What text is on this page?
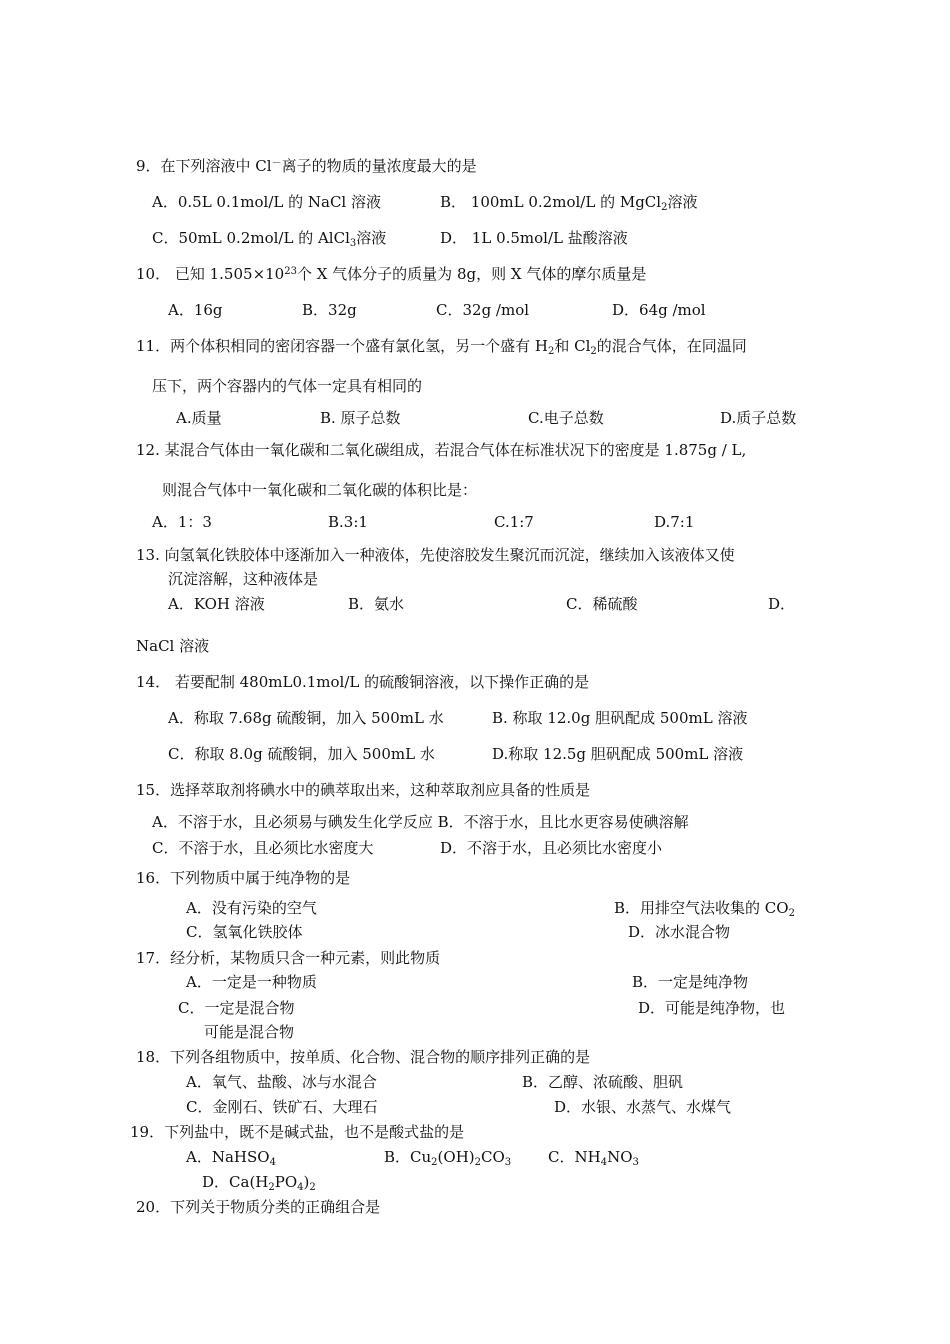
9．在下列溶液中 Cl－离子的物质的量浓度最大的是
A．0.5L 0.1mol/L 的 NaCl 溶液	B． 100mL 0.2mol/L 的 MgCl$_2$溶液
C．50mL 0.2mol/L 的 AlCl$_3$溶液	D． 1L 0.5mol/L 盐酸溶液
10． 已知 $1.505\times 10^{23}$个 X 气体分子的质量为 8g，则 X 气体的摩尔质量是
A．16g	B．32g	C．32g /mol	D．64g /mol
11．两个体积相同的密闭容器一个盛有氯化氢，另一个盛有 $H_2$和 $Cl_2$的混合气体，在同温同
压下，两个容器内的气体一定具有相同的
A.质量	B. 原子总数	C.电子总数	D.质子总数
12. 某混合气体由一氧化碳和二氧化碳组成，若混合气体在标准状况下的密度是 1.875g / L,
则混合气体中一氧化碳和二氧化碳的体积比是：
A．1：3	B.3:1	C.1:7	D.7:1
13. 向氢氧化铁胶体中逐渐加入一种液体，先使溶胶发生聚沉而沉淀，继续加入该液体又使
沉淀溶解，这种液体是
A．KOH 溶液	B．氨水	C．稀硫酸	D．
NaCl 溶液
14． 若要配制 480mL0.1mol/L 的硫酸铜溶液，以下操作正确的是
A．称取 7.68g 硫酸铜，加入 500mL 水	B. 称取 12.0g 胆矾配成 500mL 溶液
C．称取 8.0g 硫酸铜，加入 500mL 水	D.称取 12.5g 胆矾配成 500mL 溶液
15．选择萃取剂将碘水中的碘萃取出来，这种萃取剂应具备的性质是
A．不溶于水，且必须易与碘发生化学反应 B．不溶于水，且比水更容易使碘溶解
C．不溶于水，且必须比水密度大	D．不溶于水，且必须比水密度小
16．下列物质中属于纯净物的是
A．没有污染的空气	B．用排空气法收集的 $CO_2$
C．氢氧化铁胶体	D．冰水混合物
17．经分析，某物质只含一种元素，则此物质
A．一定是一种物质	B．一定是纯净物
C．一定是混合物	D．可能是纯净物，也
可能是混合物
18．下列各组物质中，按单质、化合物、混合物的顺序排列正确的是
A．氧气、盐酸、冰与水混合	B．乙醇、浓硫酸、胆矾
C．金刚石、铁矿石、大理石	D．水银、水蒸气、水煤气
19．下列盐中，既不是碱式盐，也不是酸式盐的是
A．NaHSO$_4$	B．$Cu_2(OH)_2CO_3$ C．$NH_4NO_3$
D．$Ca(H_2PO_4)_2$
20．下列关于物质分类的正确组合是
